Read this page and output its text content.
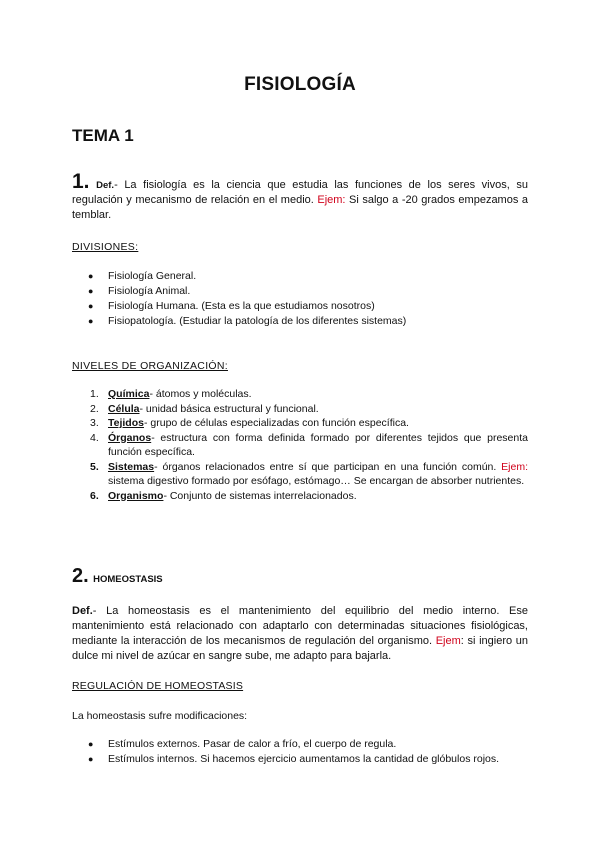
FISIOLOGÍA
TEMA 1
1. Def.- La fisiología es la ciencia que estudia las funciones de los seres vivos, su regulación y mecanismo de relación en el medio. Ejem: Si salgo a -20 grados empezamos a temblar.
DIVISIONES:
● Fisiología General.
● Fisiología Animal.
● Fisiología Humana. (Esta es la que estudiamos nosotros)
● Fisiopatología. (Estudiar la patología de los diferentes sistemas)
NIVELES DE ORGANIZACIÓN:
1. Química- átomos y moléculas.
2. Célula- unidad básica estructural y funcional.
3. Tejidos- grupo de células especializadas con función específica.
4. Órganos- estructura con forma definida formado por diferentes tejidos que presenta función específica.
5. Sistemas- órganos relacionados entre sí que participan en una función común. Ejem: sistema digestivo formado por esófago, estómago… Se encargan de absorber nutrientes.
6. Organismo- Conjunto de sistemas interrelacionados.
2. HOMEOSTASIS
Def.- La homeostasis es el mantenimiento del equilibrio del medio interno. Ese mantenimiento está relacionado con adaptarlo con determinadas situaciones fisiológicas, mediante la interacción de los mecanismos de regulación del organismo. Ejem: si ingiero un dulce mi nivel de azúcar en sangre sube, me adapto para bajarla.
REGULACIÓN DE HOMEOSTASIS
La homeostasis sufre modificaciones:
● Estímulos externos. Pasar de calor a frío, el cuerpo de regula.
● Estímulos internos. Si hacemos ejercicio aumentamos la cantidad de glóbulos rojos.
